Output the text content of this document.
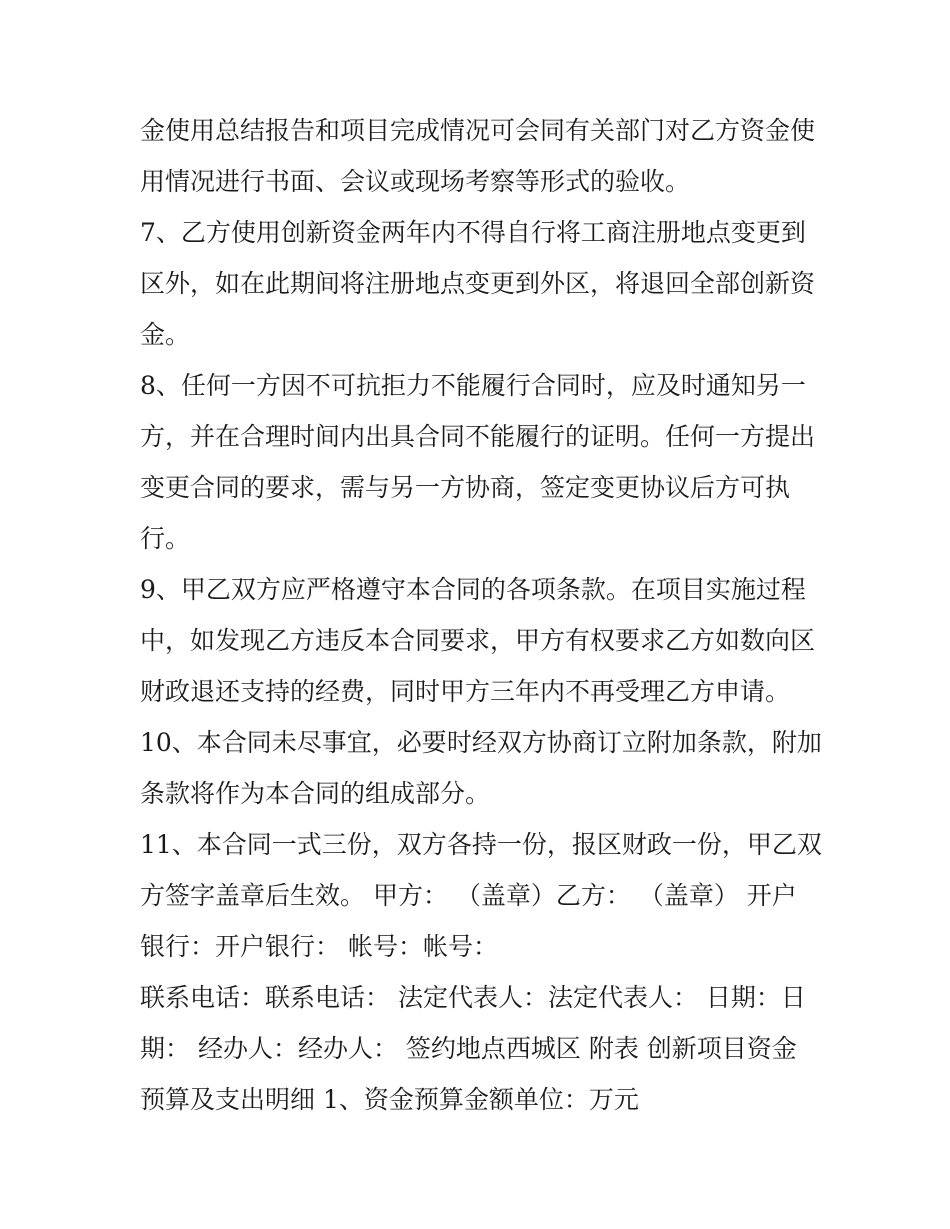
金使用总结报告和项目完成情况可会同有关部门对乙方资金使
用情况进行书面、会议或现场考察等形式的验收。
7、乙方使用创新资金两年内不得自行将工商注册地点变更到
区外，如在此期间将注册地点变更到外区，将退回全部创新资
金。
8、任何一方因不可抗拒力不能履行合同时，应及时通知另一
方，并在合理时间内出具合同不能履行的证明。任何一方提出
变更合同的要求，需与另一方协商，签定变更协议后方可执
行。
9、甲乙双方应严格遵守本合同的各项条款。在项目实施过程
中，如发现乙方违反本合同要求，甲方有权要求乙方如数向区
财政退还支持的经费，同时甲方三年内不再受理乙方申请。
10、本合同未尽事宜，必要时经双方协商订立附加条款，附加
条款将作为本合同的组成部分。
11、本合同一式三份，双方各持一份，报区财政一份，甲乙双
方签字盖章后生效。 甲方： （盖章）乙方： （盖章） 开户
银行：开户银行： 帐号：帐号：
联系电话：联系电话： 法定代表人：法定代表人： 日期：日
期： 经办人：经办人： 签约地点西城区 附表 创新项目资金
预算及支出明细 1、资金预算金额单位：万元
